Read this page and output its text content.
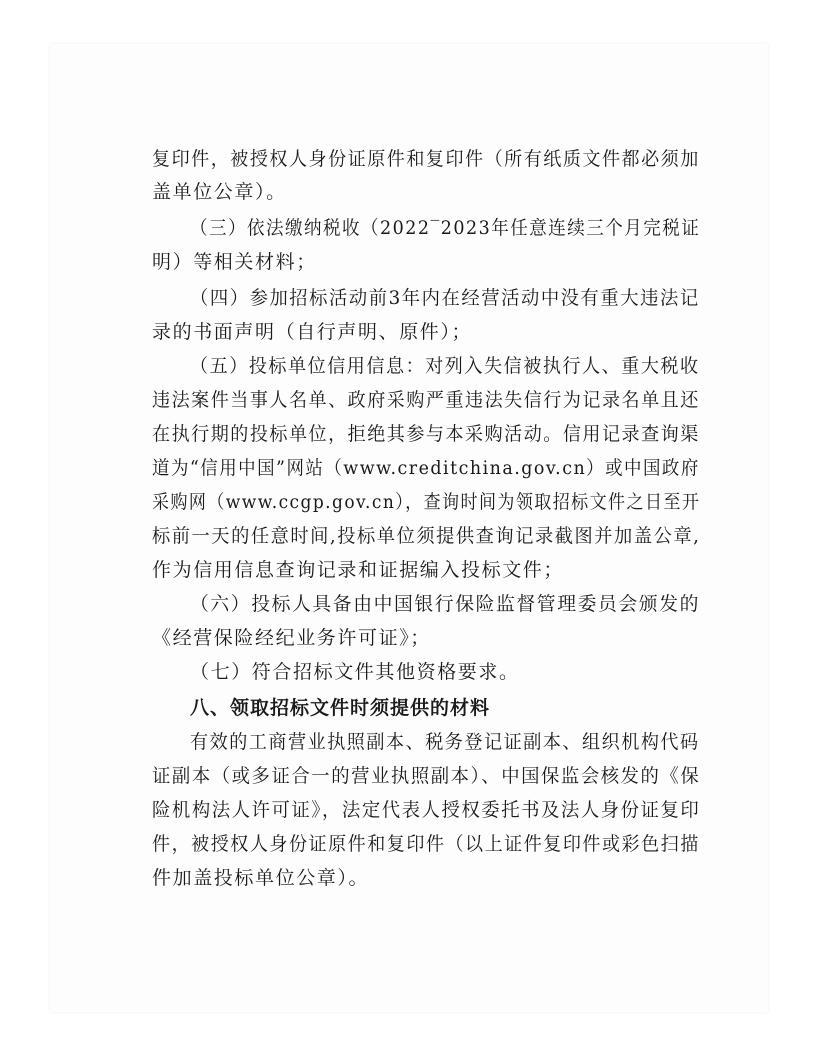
复印件，被授权人身份证原件和复印件（所有纸质文件都必须加
盖单位公章）。
（三）依法缴纳税收（2022‾2023年任意连续三个月完税证
明）等相关材料；
（四）参加招标活动前3年内在经营活动中没有重大违法记
录的书面声明（自行声明、原件）；
（五）投标单位信用信息：对列入失信被执行人、重大税收
违法案件当事人名单、政府采购严重违法失信行为记录名单且还
在执行期的投标单位，拒绝其参与本采购活动。信用记录查询渠
道为“信用中国”网站（www.creditchina.gov.cn）或中国政府
采购网（www.ccgp.gov.cn），查询时间为领取招标文件之日至开
标前一天的任意时间,投标单位须提供查询记录截图并加盖公章,
作为信用信息查询记录和证据编入投标文件；
（六）投标人具备由中国银行保险监督管理委员会颁发的
《经营保险经纪业务许可证》；
（七）符合招标文件其他资格要求。
八、领取招标文件时须提供的材料
有效的工商营业执照副本、税务登记证副本、组织机构代码
证副本（或多证合一的营业执照副本）、中国保监会核发的《保
险机构法人许可证》，法定代表人授权委托书及法人身份证复印
件，被授权人身份证原件和复印件（以上证件复印件或彩色扫描
件加盖投标单位公章）。
